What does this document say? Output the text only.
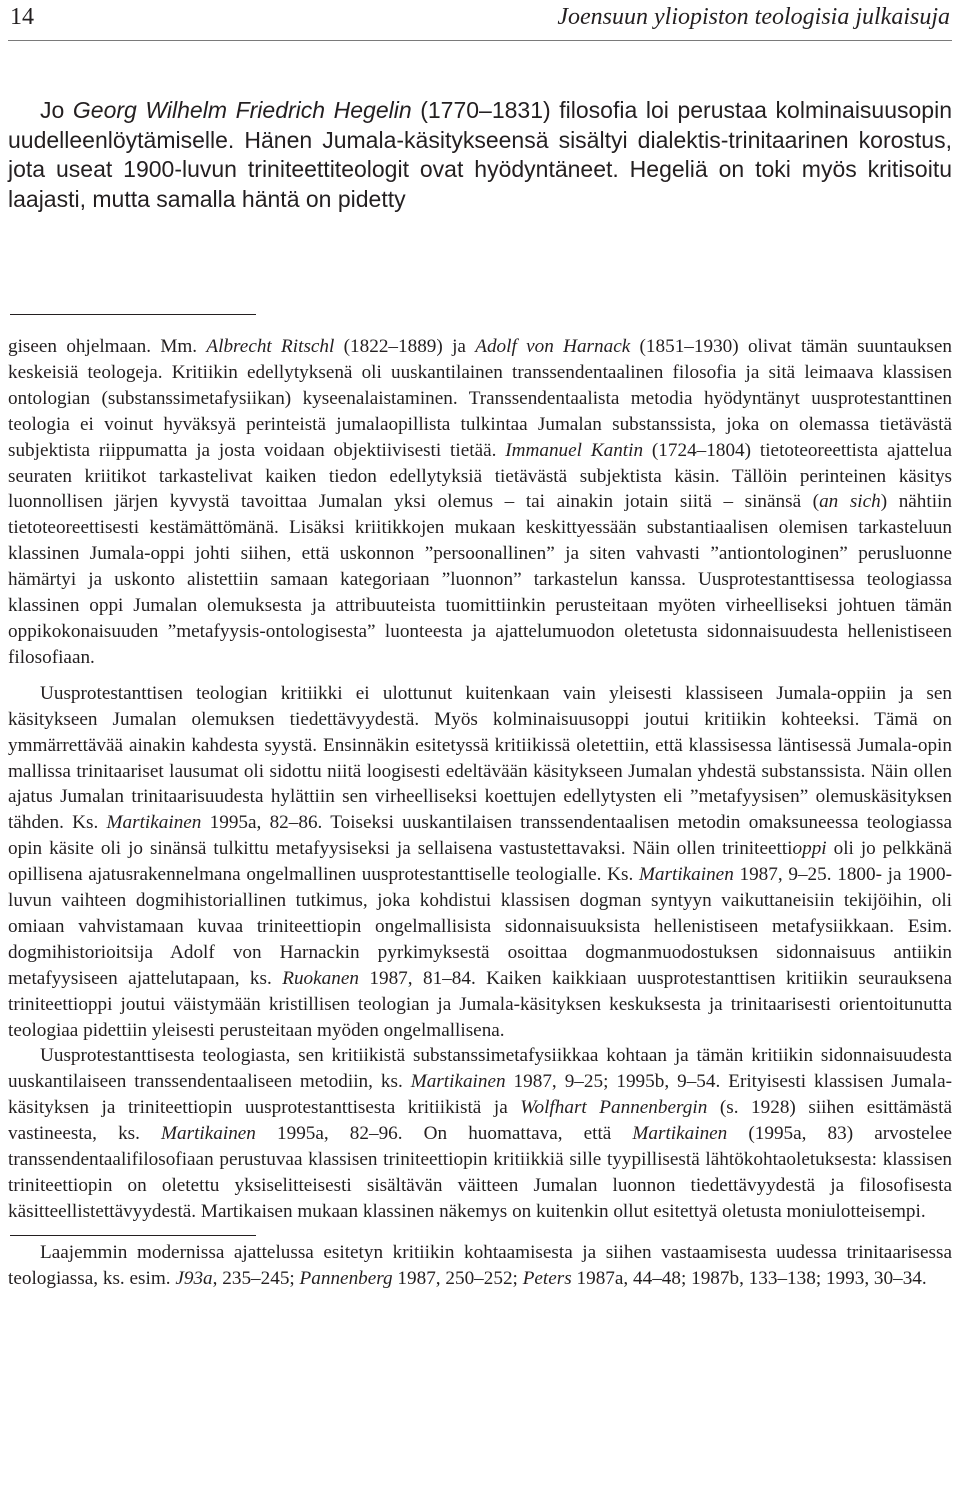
14	Joensuun yliopiston teologisia julkaisuja

Jo Georg Wilhelm Friedrich Hegelin (1770–1831) filosofia loi perustaa kolminaisuusopin uudelleenlöytämiselle. Hänen Jumala-käsitykseensä sisältyi dialektis-trinitaarinen korostus, jota useat 1900-luvun triniteettiteologit ovat hyödyntäneet. Hegeliä on toki myös kritisoitu laajasti, mutta samalla häntä on pidetty

giseen ohjelmaan. Mm. Albrecht Ritschl (1822–1889) ja Adolf von Harnack (1851–1930) olivat tämän suuntauksen keskeisiä teologeja. Kritiikin edellytyksenä oli uuskantilainen transsendentaalinen filosofia ja sitä leimaava klassisen ontologian (substanssimetafysiikan) kyseenalaistaminen. Transsendentaalista metodia hyödyntänyt uusprotestanttinen teologia ei voinut hyväksyä perinteistä jumalaopillista tulkintaa Jumalan substanssista, joka on olemassa tietävästä subjektista riippumatta ja josta voidaan objektiivisesti tietää. Immanuel Kantin (1724–1804) tietoteoreettista ajattelua seuraten kriitikot tarkastelivat kaiken tiedon edellytyksiä tietävästä subjektista käsin. Tällöin perinteinen käsitys luonnollisen järjen kyvystä tavoittaa Jumalan yksi olemus – tai ainakin jotain siitä – sinänsä (an sich) nähtiin tietoteoreettisesti kestämättömänä. Lisäksi kriitikkojen mukaan keskittyessään substantiaalisen olemisen tarkasteluun klassinen Jumala-oppi johti siihen, että uskonnon ”persoonallinen” ja siten vahvasti ”antiontologinen” perusluonne hämärtyi ja uskonto alistettiin samaan kategoriaan ”luonnon” tarkastelun kanssa. Uusprotestanttisessa teologiassa klassinen oppi Jumalan olemuksesta ja attribuuteista tuomittiinkin perusteitaan myöten virheelliseksi johtuen tämän oppikokonaisuuden ”metafyysis-ontologisesta” luonteesta ja ajattelumuodon oletetusta sidonnaisuudesta hellenistiseen filosofiaan.

Uusprotestanttisen teologian kritiikki ei ulottunut kuitenkaan vain yleisesti klassiseen Jumala-oppiin ja sen käsitykseen Jumalan olemuksen tiedettävyydestä. Myös kolminaisuusoppi joutui kritiikin kohteeksi. Tämä on ymmärrettävää ainakin kahdesta syystä. Ensinnäkin esitetyssä kritiikissä oletettiin, että klassisessa läntisessä Jumala-opin mallissa trinitaariset lausumat oli sidottu niitä loogisesti edeltävään käsitykseen Jumalan yhdestä substanssista. Näin ollen ajatus Jumalan trinitaarisuudesta hylättiin sen virheelliseksi koettujen edellytysten eli ”metafyysisen” olemuskäsityksen tähden. Ks. Martikainen 1995a, 82–86. Toiseksi uuskantilaisen transsendentaalisen metodin omaksuneessa teologiassa opin käsite oli jo sinänsä tulkittu metafyysiseksi ja sellaisena vastustettavaksi. Näin ollen triniteettioppi oli jo pelkkänä opillisena ajatusrakennelmana ongelmallinen uusprotestanttiselle teologialle. Ks. Martikainen 1987, 9–25. 1800- ja 1900-luvun vaihteen dogmihistoriallinen tutkimus, joka kohdistui klassisen dogman syntyyn vaikuttaneisiin tekijöihin, oli omiaan vahvistamaan kuvaa triniteettiopin ongelmallisista sidonnaisuuksista hellenistiseen metafysiikkaan. Esim. dogmihistorioitsija Adolf von Harnackin pyrkimyksestä osoittaa dogmanmuodostuksen sidonnaisuus antiikin metafyysiseen ajattelutapaan, ks. Ruokanen 1987, 81–84. Kaiken kaikkiaan uusprotestanttisen kritiikin seurauksena triniteettioppi joutui väistymään kristillisen teologian ja Jumala-käsityksen keskuksesta ja trinitaarisesti orientoitunutta teologiaa pidettiin yleisesti perusteitaan myöden ongelmallisena.

Uusprotestanttisesta teologiasta, sen kritiikistä substanssimetafysiikkaa kohtaan ja tämän kritiikin sidonnaisuudesta uuskantilaiseen transsendentaaliseen metodiin, ks. Martikainen 1987, 9–25; 1995b, 9–54. Erityisesti klassisen Jumala-käsityksen ja triniteettiopin uusprotestanttisesta kritiikistä ja Wolfhart Pannenbergin (s. 1928) siihen esittämästä vastineesta, ks. Martikainen 1995a, 82–96. On huomattava, että Martikainen (1995a, 83) arvostelee transsendentaalifilosofiaan perustuvaa klassisen triniteettiopin kritiikkiä sille tyypillisestä lähtökohtaoletuksesta: klassisen triniteettiopin on oletettu yksiselitteisesti sisältävän väitteen Jumalan luonnon tiedettävyydestä ja filosofisesta käsitteellistettävyydestä. Martikaisen mukaan klassinen näkemys on kuitenkin ollut esitettyä oletusta moniulotteisempi.

Laajemmin modernissa ajattelussa esitetyn kritiikin kohtaamisesta ja siihen vastaamisesta uudessa trinitaarisessa teologiassa, ks. esim. J93a, 235–245; Pannenberg 1987, 250–252; Peters 1987a, 44–48; 1987b, 133–138; 1993, 30–34.
